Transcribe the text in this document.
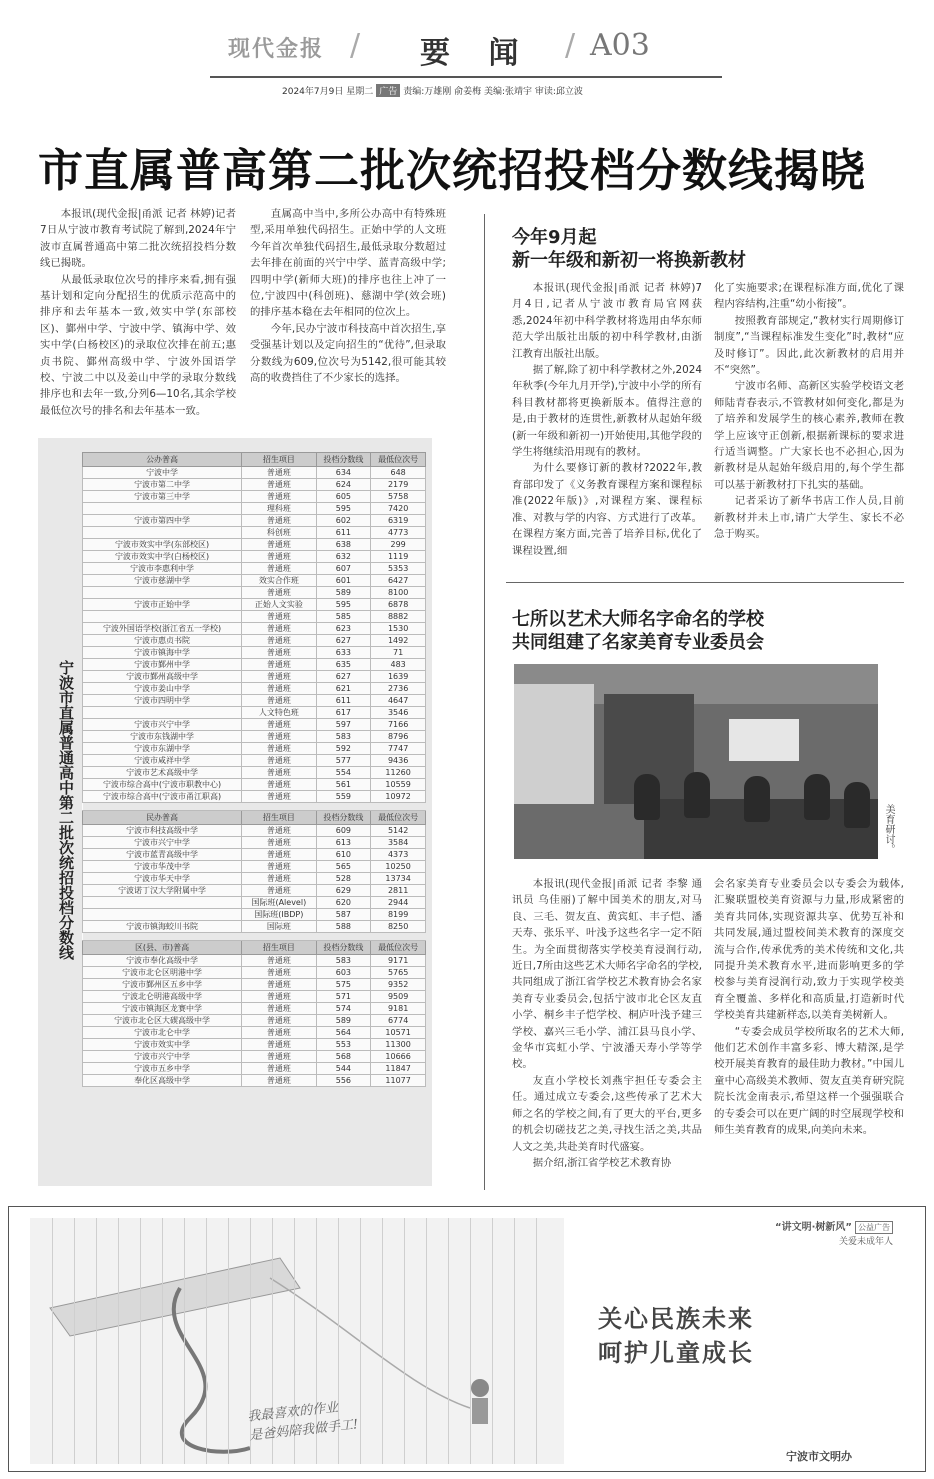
现代金报 / 要 闻 / A03
2024年7月9日 星期二 广告 责编:万雄刚 俞姜梅 美编:张靖宇 审读:邱立波
市直属普高第二批次统招投档分数线揭晓

本报讯(现代金报|甬派 记者 林婷)记者7日从宁波市教育考试院了解到,2024年宁波市直属普通高中第二批次统招投档分数线已揭晓。

从最低录取位次号的排序来看,拥有强基计划和定向分配招生的优质示范高中的排序和去年基本一致,效实中学(东部校区)、鄞州中学、宁波中学、镇海中学、效实中学(白杨校区)的录取位次排在前五;惠贞书院、鄞州高级中学、宁波外国语学校、宁波二中以及姜山中学的录取分数线排序也和去年一致,分列6—10名,其余学校最低位次号的排名和去年基本一致。

直属高中当中,多所公办高中有特殊班型,采用单独代码招生。正始中学的人文班今年首次单独代码招生,最低录取分数超过去年排在前面的兴宁中学、蓝青高级中学;四明中学(新师大班)的排序也往上冲了一位,宁波四中(科创班)、慈湖中学(效会班)的排序基本稳在去年相同的位次上。

今年,民办宁波市科技高中首次招生,享受强基计划以及定向招生的“优待”,但录取分数线为609,位次号为5142,很可能其较高的收费挡住了不少家长的选择。

宁波市直属普通高中第二批次统招投档分数线
公办普高	招生项目	投档分数线	最低位次号
宁波中学	普通班	634	648
宁波市第二中学	普通班	624	2179
宁波市第三中学	普通班	605	5758
	理科班	595	7420
宁波市第四中学	普通班	602	6319
	科创班	611	4773
宁波市效实中学(东部校区)	普通班	638	299
宁波市效实中学(白杨校区)	普通班	632	1119
宁波市李惠利中学	普通班	607	5353
宁波市慈湖中学	效实合作班	601	6427
	普通班	589	8100
宁波市正始中学	正始人文实验	595	6878
	普通班	585	8882
宁波外国语学校(浙江省五一学校)	普通班	623	1530
宁波市惠贞书院	普通班	627	1492
宁波市镇海中学	普通班	633	71
宁波市鄞州中学	普通班	635	483
宁波市鄞州高级中学	普通班	627	1639
宁波市姜山中学	普通班	621	2736
宁波市四明中学	普通班	611	4647
	人文特色班	617	3546
宁波市兴宁中学	普通班	597	7166
宁波市东钱湖中学	普通班	583	8796
宁波市东湖中学	普通班	592	7747
宁波市咸祥中学	普通班	577	9436
宁波市艺术高级中学	普通班	554	11260
宁波市综合高中(宁波市职教中心)	普通班	561	10559
宁波市综合高中(宁波市甬江职高)	普通班	559	10972

民办普高	招生项目	投档分数线	最低位次号
宁波市科技高级中学	普通班	609	5142
宁波市兴宁中学	普通班	613	3584
宁波市蓝青高级中学	普通班	610	4373
宁波市华茂中学	普通班	565	10250
宁波市华天中学	普通班	528	13734
宁波诺丁汉大学附属中学	普通班	629	2811
	国际班(Alevel)	620	2944
	国际班(IBDP)	587	8199
宁波市镇海蛟川书院	国际班	588	8250

区(县、市)普高	招生项目	投档分数线	最低位次号
宁波市奉化高级中学	普通班	583	9171
宁波市北仑区明港中学	普通班	603	5765
宁波市鄞州区五乡中学	普通班	575	9352
宁波北仑明港高级中学	普通班	571	9509
宁波市镇海区龙赛中学	普通班	574	9181
宁波市北仑区大碶高级中学	普通班	589	6774
宁波市北仑中学	普通班	564	10571
宁波市效实中学	普通班	553	11300
宁波市兴宁中学	普通班	568	10666
宁波市五乡中学	普通班	544	11847
奉化区高级中学	普通班	556	11077
今年9月起
新一年级和新初一将换新教材

本报讯(现代金报|甬派 记者 林婷)7月4日,记者从宁波市教育局官网获悉,2024年初中科学教材将选用由华东师范大学出版社出版的初中科学教材,由浙江教育出版社出版。

据了解,除了初中科学教材之外,2024年秋季(今年九月开学),宁波中小学的所有科目教材都将更换新版本。值得注意的是,由于教材的连贯性,新教材从起始年级(新一年级和新初一)开始使用,其他学段的学生将继续沿用现有的教材。

为什么要修订新的教材?2022年,教育部印发了《义务教育课程方案和课程标准(2022年版)》,对课程方案、课程标准、对教与学的内容、方式进行了改革。在课程方案方面,完善了培养目标,优化了课程设置,细

化了实施要求;在课程标准方面,优化了课程内容结构,注重“幼小衔接”。

按照教育部规定,“教材实行周期修订制度”,“当课程标准发生变化”时,教材“应及时修订”。因此,此次新教材的启用并不“突然”。

宁波市名师、高新区实验学校语文老师陆青春表示,不管教材如何变化,都是为了培养和发展学生的核心素养,教师在教学上应该守正创新,根据新课标的要求进行适当调整。广大家长也不必担心,因为新教材是从起始年级启用的,每个学生都可以基于新教材打下扎实的基础。

记者采访了新华书店工作人员,目前新教材并未上市,请广大学生、家长不必急于购买。

七所以艺术大师名字命名的学校
共同组建了名家美育专业委员会
美育研讨。

本报讯(现代金报|甬派 记者 李黎 通讯员 乌佳丽)了解中国美术的朋友,对马良、三毛、贺友直、黄宾虹、丰子恺、潘天寿、张乐平、叶浅予这些名字一定不陌生。为全面贯彻落实学校美育浸润行动,近日,7所由这些艺术大师名字命名的学校,共同组成了浙江省学校艺术教育协会名家美育专业委员会,包括宁波市北仑区友直小学、桐乡丰子恺学校、桐庐叶浅予建三学校、嘉兴三毛小学、浦江县马良小学、金华市宾虹小学、宁波潘天寿小学等学校。

友直小学校长刘燕宇担任专委会主任。通过成立专委会,这些传承了艺术大师之名的学校之间,有了更大的平台,更多的机会切磋技艺之美,寻找生活之美,共品人文之美,共赴美育时代盛宴。

据介绍,浙江省学校艺术教育协

会名家美育专业委员会以专委会为载体,汇聚联盟校美育资源与力量,形成紧密的美育共同体,实现资源共享、优势互补和共同发展,通过盟校间美术教育的深度交流与合作,传承优秀的美术传统和文化,共同提升美术教育水平,进而影响更多的学校参与美育浸润行动,致力于实现学校美育全覆盖、多样化和高质量,打造新时代学校美育共建新样态,以美育美树新人。

“专委会成员学校所取名的艺术大师,他们艺术创作丰富多彩、博大精深,是学校开展美育教育的最佳助力教材。”中国儿童中心高级美术教师、贺友直美育研究院院长沈金南表示,希望这样一个强强联合的专委会可以在更广阔的时空展现学校和师生美育教育的成果,向美向未来。

我最喜欢的作业
是爸妈陪我做手工!
“讲文明·树新风” 公益广告
关爱未成年人
关心民族未来
呵护儿童成长
宁波市文明办
